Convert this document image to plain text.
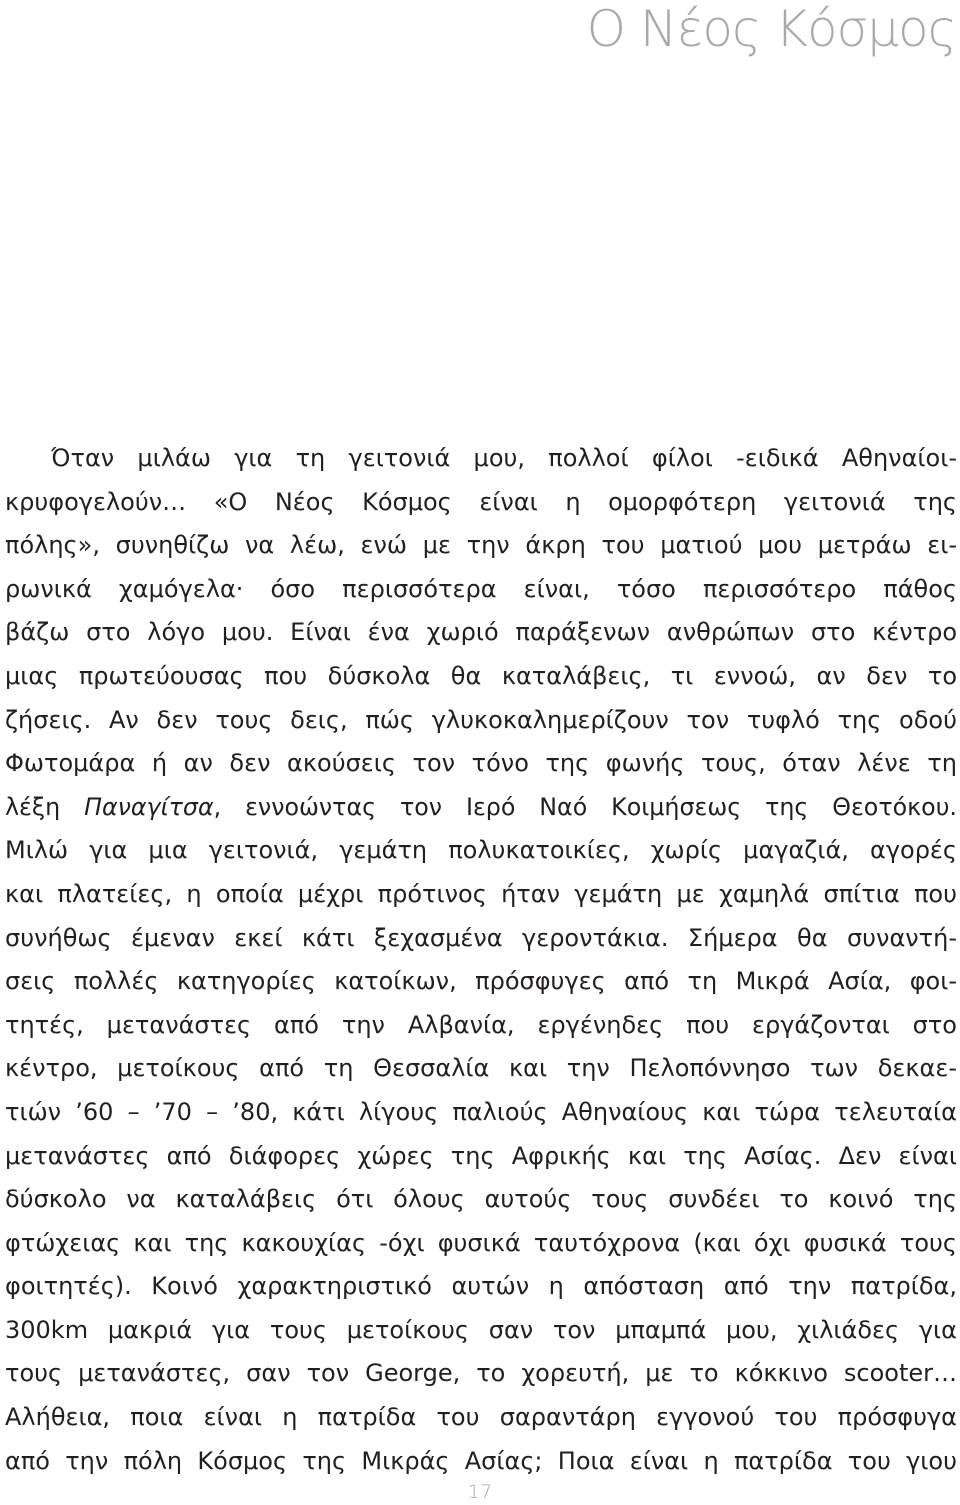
Ο Νέος Κόσμος
Όταν μιλάω για τη γειτονιά μου, πολλοί φίλοι -ειδικά Αθηναίοι-
κρυφογελούν… «Ο Νέος Κόσμος είναι η ομορφότερη γειτονιά της
πόλης», συνηθίζω να λέω, ενώ με την άκρη του ματιού μου μετράω ει-
ρωνικά χαμόγελα· όσο περισσότερα είναι, τόσο περισσότερο πάθος
βάζω στο λόγο μου. Είναι ένα χωριό παράξενων ανθρώπων στο κέντρο
μιας πρωτεύουσας που δύσκολα θα καταλάβεις, τι εννοώ, αν δεν το
ζήσεις. Αν δεν τους δεις, πώς γλυκοκαλημερίζουν τον τυφλό της οδού
Φωτομάρα ή αν δεν ακούσεις τον τόνο της φωνής τους, όταν λένε τη
λέξη Παναγίτσα, εννοώντας τον Ιερό Ναό Κοιμήσεως της Θεοτόκου.
Μιλώ για μια γειτονιά, γεμάτη πολυκατοικίες, χωρίς μαγαζιά, αγορές
και πλατείες, η οποία μέχρι πρότινος ήταν γεμάτη με χαμηλά σπίτια που
συνήθως έμεναν εκεί κάτι ξεχασμένα γεροντάκια. Σήμερα θα συναντή-
σεις πολλές κατηγορίες κατοίκων, πρόσφυγες από τη Μικρά Ασία, φοι-
τητές, μετανάστες από την Αλβανία, εργένηδες που εργάζονται στο
κέντρο, μετοίκους από τη Θεσσαλία και την Πελοπόννησο των δεκαε-
τιών ’60 – ’70 – ’80, κάτι λίγους παλιούς Αθηναίους και τώρα τελευταία
μετανάστες από διάφορες χώρες της Αφρικής και της Ασίας. Δεν είναι
δύσκολο να καταλάβεις ότι όλους αυτούς τους συνδέει το κοινό της
φτώχειας και της κακουχίας -όχι φυσικά ταυτόχρονα (και όχι φυσικά τους
φοιτητές). Κοινό χαρακτηριστικό αυτών η απόσταση από την πατρίδα,
300km μακριά για τους μετοίκους σαν τον μπαμπά μου, χιλιάδες για
τους μετανάστες, σαν τον George, το χορευτή, με το κόκκινο scooter…
Αλήθεια, ποια είναι η πατρίδα του σαραντάρη εγγονού του πρόσφυγα
από την πόλη Κόσμος της Μικράς Ασίας; Ποια είναι η πατρίδα του γιου
17
